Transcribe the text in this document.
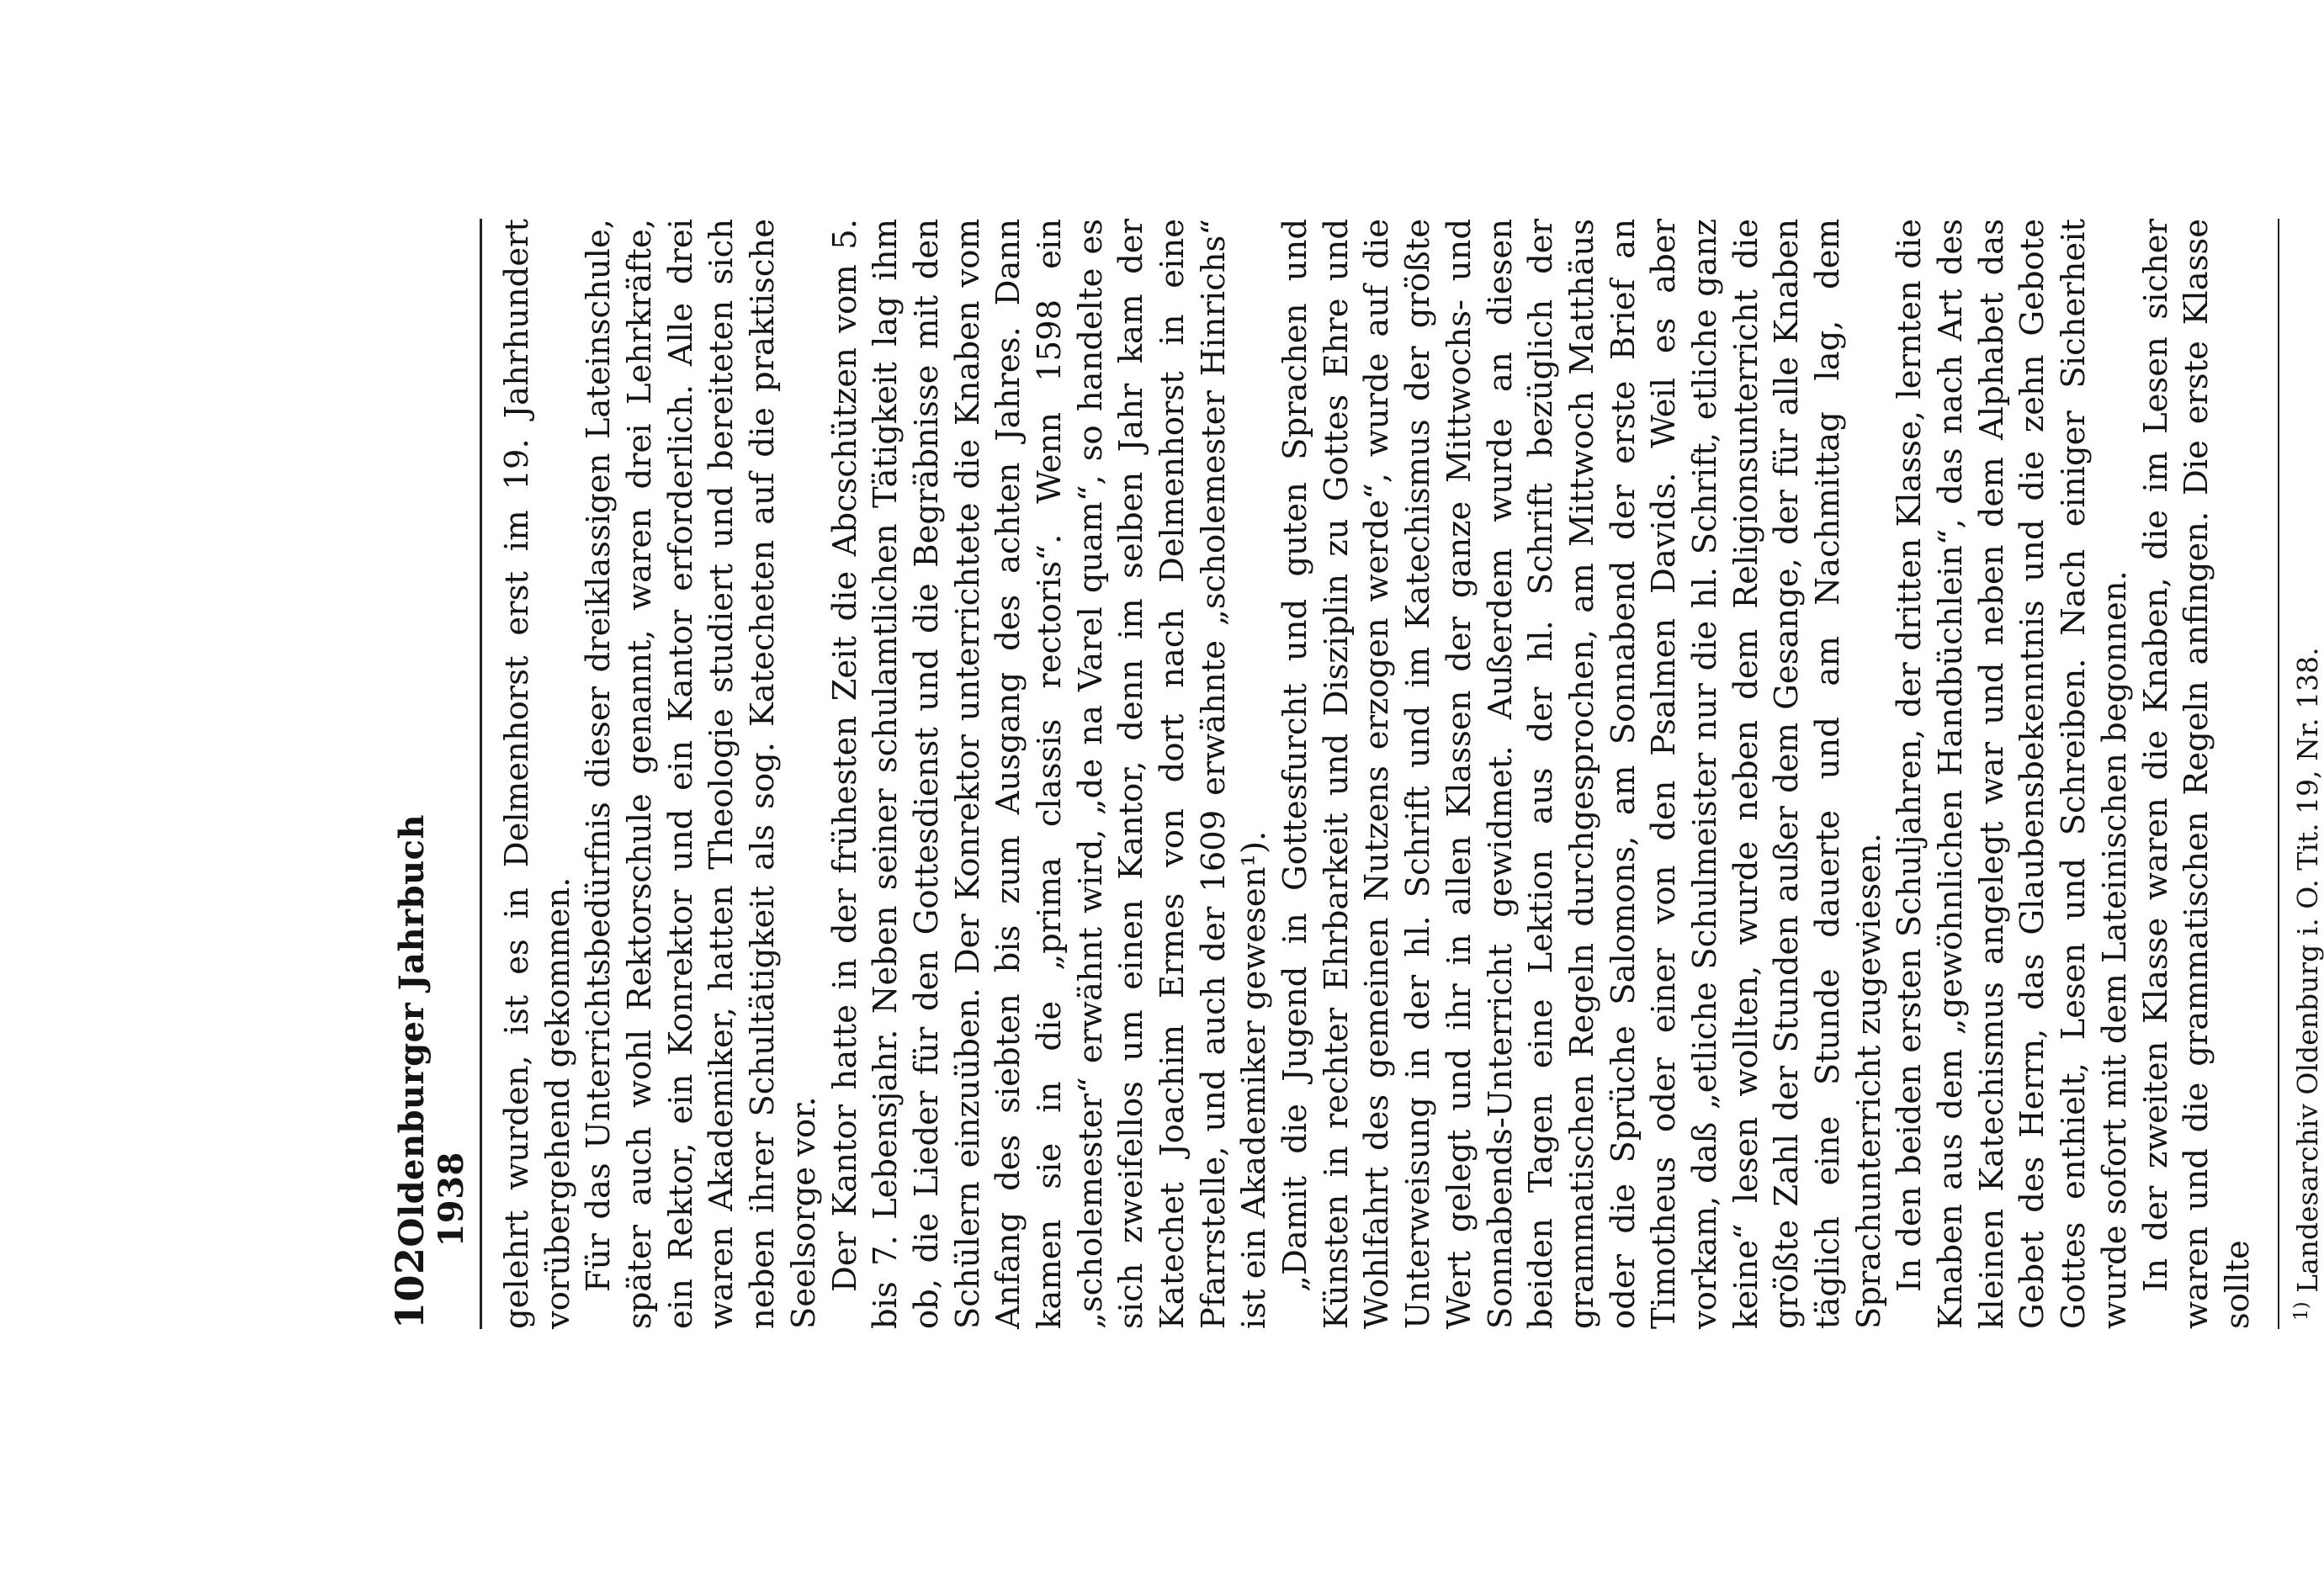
102
Oldenburger Jahrbuch 1938 gelehrt wurden, ist es in Delmenhorst erst im 19. Jahrhundert vorübergehend gekommen. Für das Unterrichtsbedürfnis dieser dreiklassigen Lateinschule, später auch wohl Rektorschule genannt, waren drei Lehrkräfte, ein Rektor, ein Konrektor und ein Kantor erforderlich. Alle drei waren Akademiker, hatten Theologie studiert und bereiteten sich neben ihrer Schultätigkeit als sog. Katecheten auf die praktische Seelsorge vor. Der Kantor hatte in der frühesten Zeit die Abcschützen vom 5. bis 7. Lebensjahr. Neben seiner schulamtlichen Tätigkeit lag ihm ob, die Lieder für den Gottesdienst und die Begräbnisse mit den Schülern einzuüben. Der Konrektor unterrichtete die Knaben vom Anfang des siebten bis zum Ausgang des achten Jahres. Dann kamen sie in die „prima classis rectoris“. Wenn 1598 ein „scholemester“ erwähnt wird, „de na Varel quam“, so handelte es sich zweifellos um einen Kantor, denn im selben Jahr kam der Katechet Joachim Ermes von dort nach Delmenhorst in eine Pfarrstelle, und auch der 1609 erwähnte „scholemester Hinrichs“ ist ein Akademiker gewesen¹). „Damit die Jugend in Gottesfurcht und guten Sprachen und Künsten in rechter Ehrbarkeit und Disziplin zu Gottes Ehre und Wohlfahrt des gemeinen Nutzens erzogen werde“, wurde auf die Unterweisung in der hl. Schrift und im Katechismus der größte Wert gelegt und ihr in allen Klassen der ganze Mittwochs- und Sonnabends-Unterricht gewidmet. Außerdem wurde an diesen beiden Tagen eine Lektion aus der hl. Schrift bezüglich der grammatischen Regeln durchgesprochen, am Mittwoch Matthäus oder die Sprüche Salomons, am Sonnabend der erste Brief an Timotheus oder einer von den Psalmen Davids. Weil es aber vorkam, daß „etliche Schulmeister nur die hl. Schrift, etliche ganz keine“ lesen wollten, wurde neben dem Religionsunterricht die größte Zahl der Stunden außer dem Gesange, der für alle Knaben täglich eine Stunde dauerte und am Nachmittag lag, dem Sprachunterricht zugewiesen. In den beiden ersten Schuljahren, der dritten Klasse, lernten die Knaben aus dem „gewöhnlichen Handbüchlein“, das nach Art des kleinen Katechismus angelegt war und neben dem Alphabet das Gebet des Herrn, das Glaubensbekenntnis und die zehn Gebote Gottes enthielt, Lesen und Schreiben. Nach einiger Sicherheit wurde sofort mit dem Lateinischen begonnen. In der zweiten Klasse waren die Knaben, die im Lesen sicher waren und die grammatischen Regeln anfingen. Die erste Klasse sollte $^{1)}$ Landesarchiv Oldenburg i. O. Tit. 19, Nr. 138.
